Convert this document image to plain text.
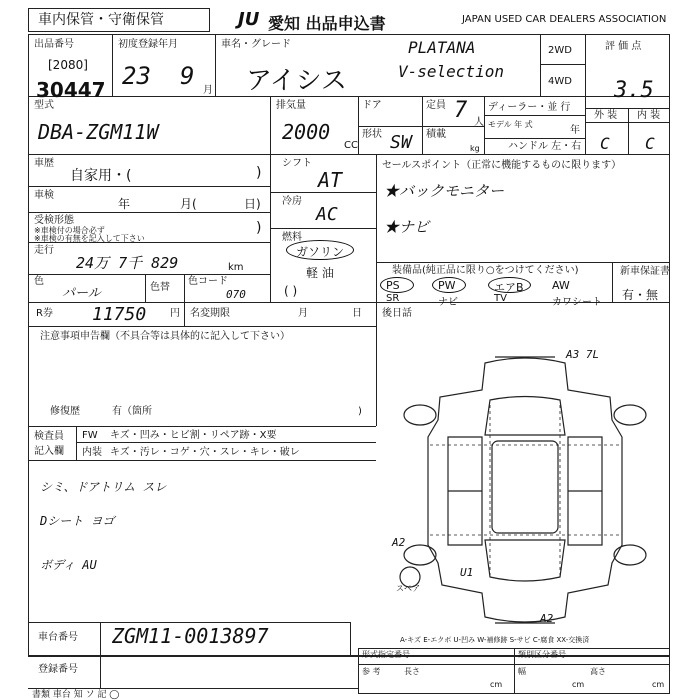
車内保管・守衛保管	JU 愛知 出品申込書	JAPAN USED CAR DEALERS ASSOCIATION
出品番号
[2080]
30447
初度登録年月
23 9
月
車名・グレード
アイシス
PLATANA
V-selection
2WD
4WD
評 価 点
3.5
外 装 内 装
C C
型式
DBA-ZGM11W
排気量
2000
CC
ドア
形状 SW
定員 7 人
積載
kg
ディーラー・並 行
モデル 年 式
年
ハンドル 左・右
車歴
自家用・(	)
車検
年	月(	日)
受検形態
※車検付の場合必ず
※車検の有無を記入して下さい
)
走行
24万 7千 829	km
色
パール	色替
色コード
070
シフト
AT
冷房
AC
燃料
ガソリン
軽 油
( )
セールスポイント（正常に機能するものに限ります）
★バックモニター
★ナビ
装備品(純正品に限り○をつけてください)	新車保証書
有・無
R券 11750 円 名変期限	月	日 後日話
注意事項申告欄（不具合等は具体的に記入して下さい）
修復歴	有（箇所	)
検査員
記入欄
FW キズ・凹み・ヒビ割・リペア跡・X要
内装 キズ・汚レ・コゲ・穴・スレ・キレ・破レ
シミ、ドアトリム スレ
Dシート ヨゴ
ボディ AU
A3 7L
A2
U1
A2
スペア
A-キズ E-エクボ U-凹み W-補修跡 S-サビ C-腐食 XX-交換済
車台番号 ZGM11-0013897
登録番号
形式指定番号	類別区分番号
参 考	長さ
cm
幅
cm
高さ
cm
書類 車台 知 ソ 記 ◯
PS	PW	エアB	AW
SR	ナビ	TV	カワシート
